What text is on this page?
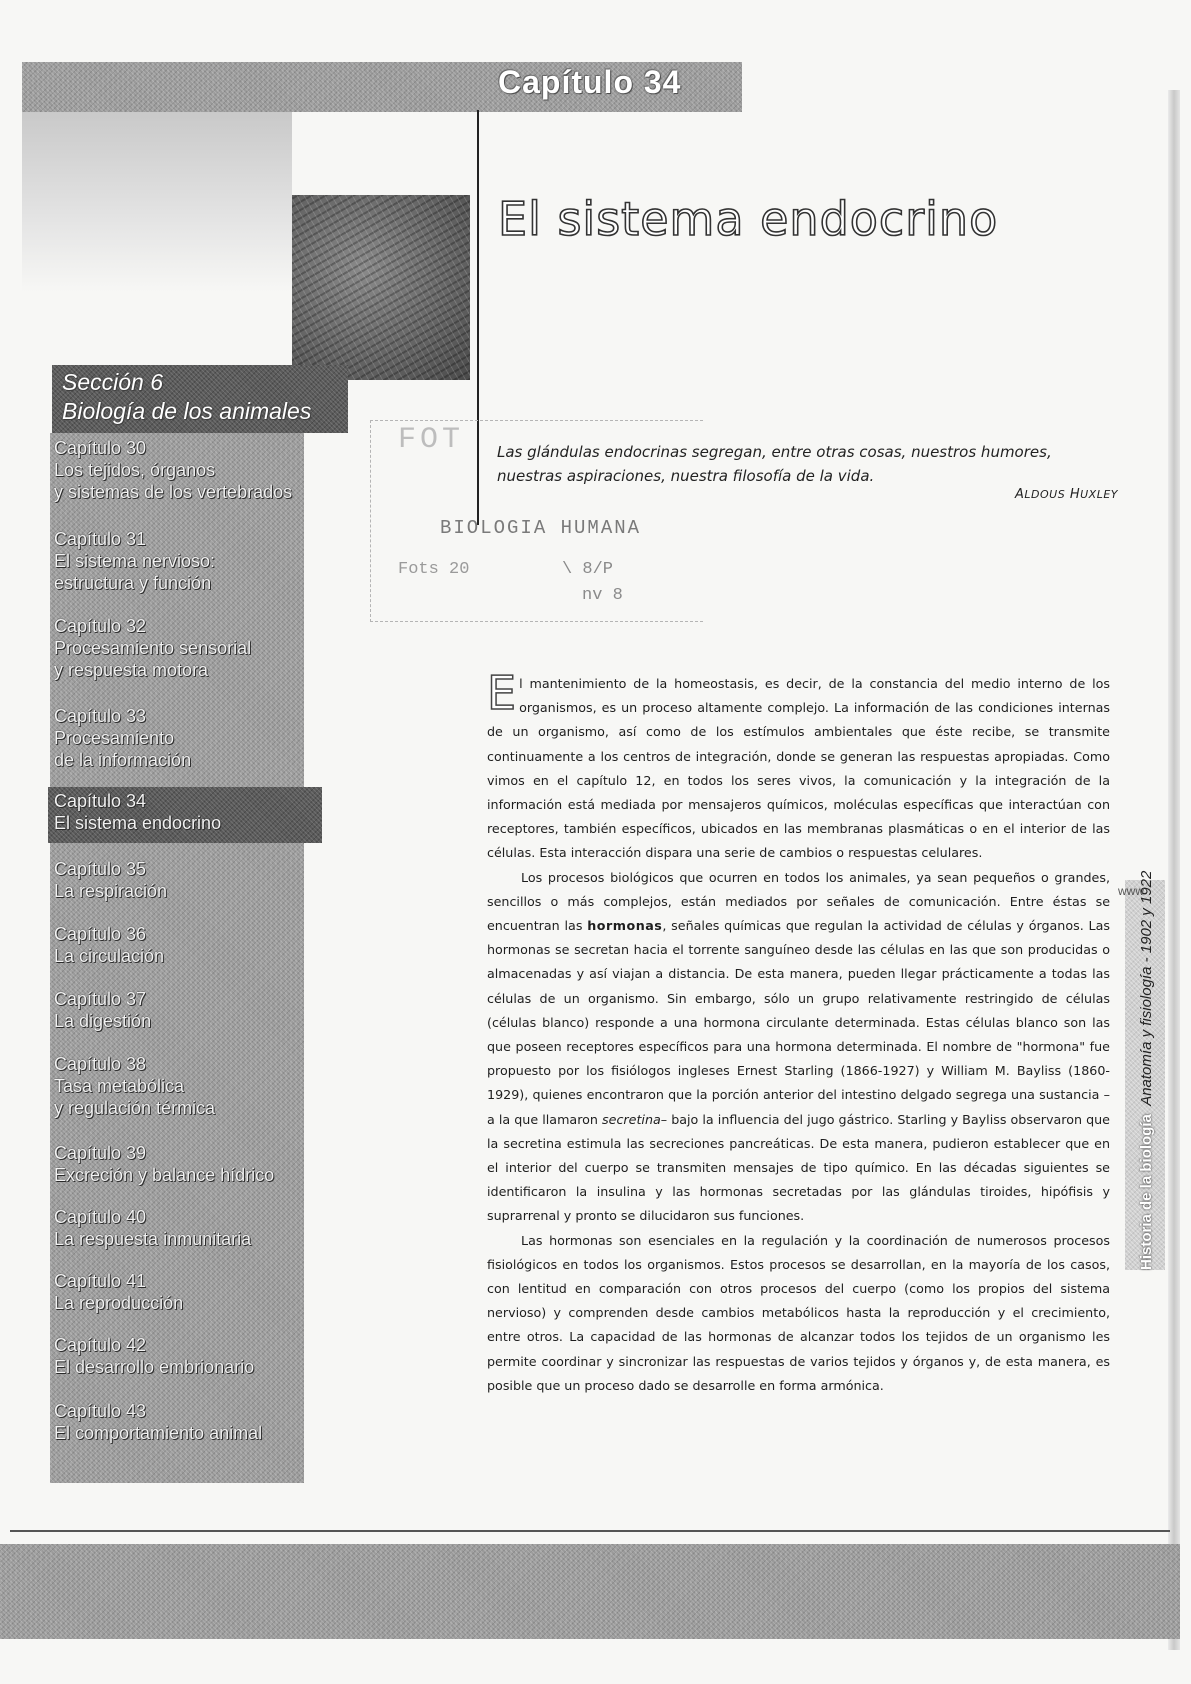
Capítulo 34
El sistema endocrino
Sección 6
Biología de los animales
Capítulo 30
Los tejidos, órganos
y sistemas de los vertebrados
Capítulo 31
El sistema nervioso:
estructura y función
Capítulo 32
Procesamiento sensorial
y respuesta motora
Capítulo 33
Procesamiento
de la información
Capítulo 34
El sistema endocrino
Capítulo 35
La respiración
Capítulo 36
La circulación
Capítulo 37
La digestión
Capítulo 38
Tasa metabólica
y regulación térmica
Capítulo 39
Excreción y balance hídrico
Capítulo 40
La respuesta inmunitaria
Capítulo 41
La reproducción
Capítulo 42
El desarrollo embrionario
Capítulo 43
El comportamiento animal
FOT
BIOLOGIA HUMANA
Fots 20	\ 8/P
nv 8

Las glándulas endocrinas segregan, entre otras cosas, nuestros humores, nuestras aspiraciones, nuestra filosofía de la vida.

ALDOUS HUXLEY

El mantenimiento de la homeostasis, es decir, de la constancia del medio interno de los organismos, es un proceso altamente complejo. La información de las condiciones internas de un organismo, así como de los estímulos ambientales que éste recibe, se transmite continuamente a los centros de integración, donde se generan las respuestas apropiadas. Como vimos en el capítulo 12, en todos los seres vivos, la comunicación y la integración de la información está mediada por mensajeros químicos, moléculas específicas que interactúan con receptores, también específicos, ubicados en las membranas plasmáticas o en el interior de las células. Esta interacción dispara una serie de cambios o respuestas celulares.

Los procesos biológicos que ocurren en todos los animales, ya sean pequeños o grandes, sencillos o más complejos, están mediados por señales de comunicación. Entre éstas se encuentran las hormonas, señales químicas que regulan la actividad de células y órganos. Las hormonas se secretan hacia el torrente sanguíneo desde las células en las que son producidas o almacenadas y así viajan a distancia. De esta manera, pueden llegar prácticamente a todas las células de un organismo. Sin embargo, sólo un grupo relativamente restringido de células (células blanco) responde a una hormona circulante determinada. Estas células blanco son las que poseen receptores específicos para una hormona determinada. El nombre de "hormona" fue propuesto por los fisiólogos ingleses Ernest Starling (1866-1927) y William M. Bayliss (1860-1929), quienes encontraron que la porción anterior del intestino delgado segrega una sustancia –a la que llamaron secretina– bajo la influencia del jugo gástrico. Starling y Bayliss observaron que la secretina estimula las secreciones pancreáticas. De esta manera, pudieron establecer que en el interior del cuerpo se transmiten mensajes de tipo químico. En las décadas siguientes se identificaron la insulina y las hormonas secretadas por las glándulas tiroides, hipófisis y suprarrenal y pronto se dilucidaron sus funciones.

Las hormonas son esenciales en la regulación y la coordinación de numerosos procesos fisiológicos en todos los organismos. Estos procesos se desarrollan, en la mayoría de los casos, con lentitud en comparación con otros procesos del cuerpo (como los propios del sistema nervioso) y comprenden desde cambios metabólicos hasta la reproducción y el crecimiento, entre otros. La capacidad de las hormonas de alcanzar todos los tejidos de un organismo les permite coordinar y sincronizar las respuestas de varios tejidos y órganos y, de esta manera, es posible que un proceso dado se desarrolle en forma armónica.

Historia de la biología  Anatomía y fisiología - 1902 y 1922
www
